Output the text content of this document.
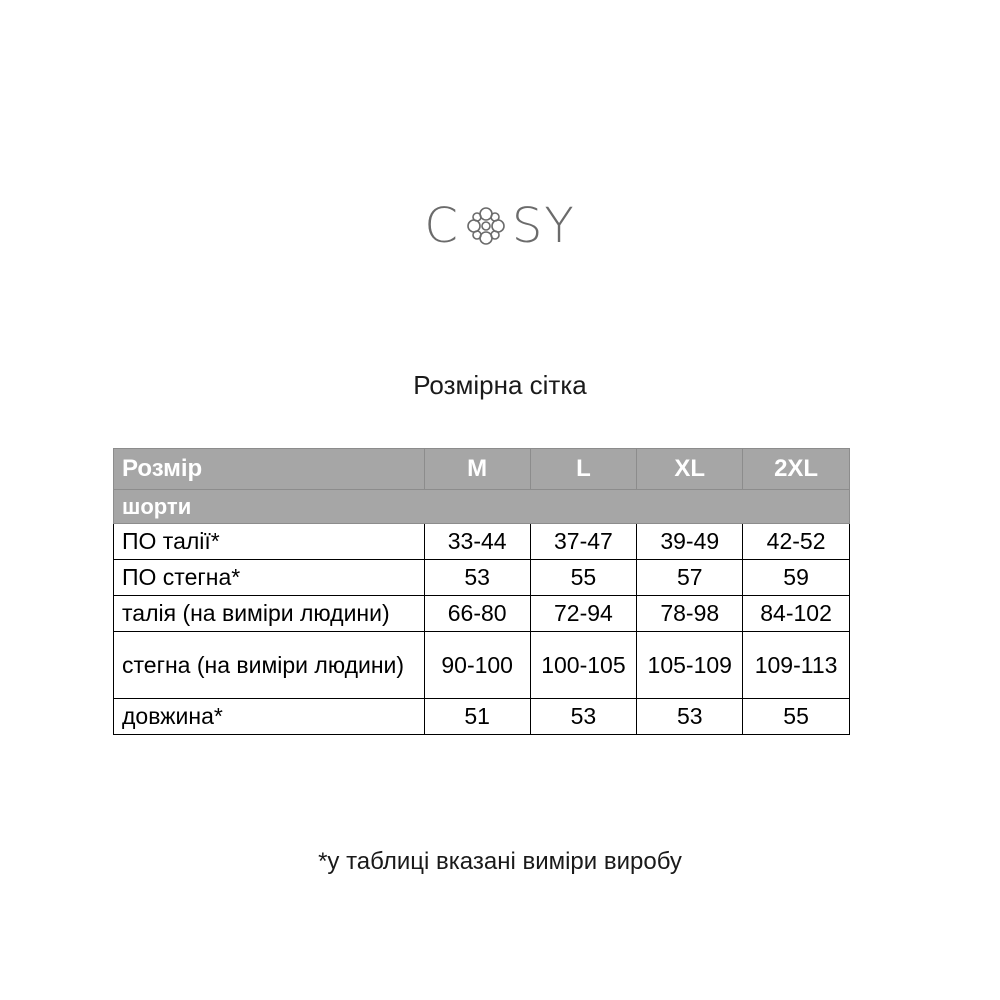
C SY
Розмірна сітка
Розмір	M	L	XL	2XL
шорти				
ПО талії*	33-44	37-47	39-49	42-52
ПО стегна*	53	55	57	59
талія (на виміри людини)	66-80	72-94	78-98	84-102
стегна (на виміри людини)	90-100	100-105	105-109	109-113
довжина*	51	53	53	55
*у таблиці вказані виміри виробу
